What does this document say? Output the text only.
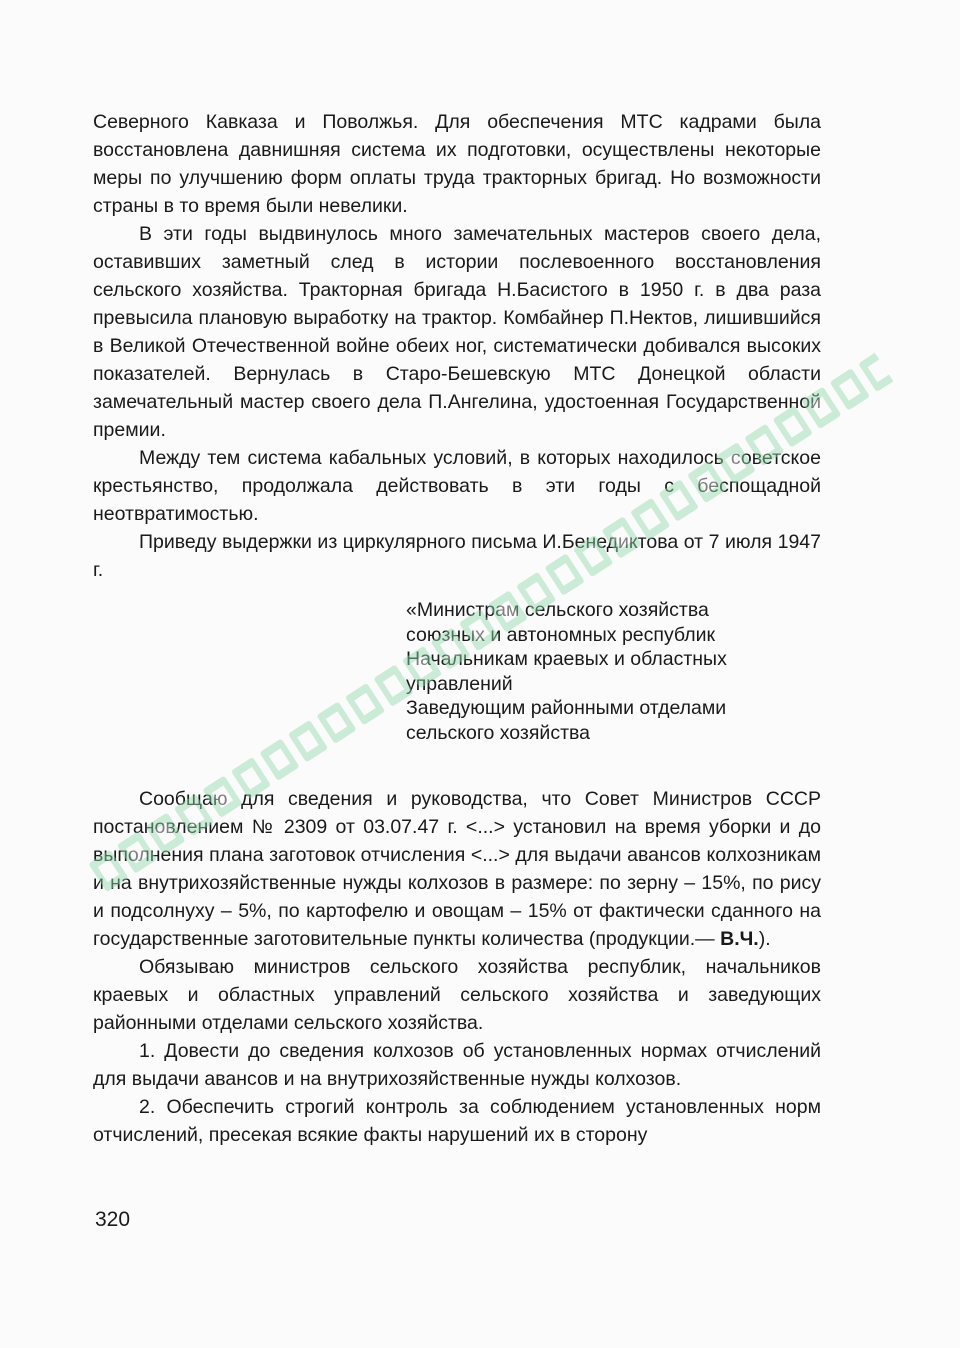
Северного Кавказа и Поволжья. Для обеспечения МТС кадрами была восстановлена давнишняя система их подготовки, осуществлены некоторые меры по улучшению форм оплаты труда тракторных бригад. Но возможности страны в то время были невелики.

В эти годы выдвинулось много замечательных мастеров своего дела, оставивших заметный след в истории послевоенного восстановления сельского хозяйства. Тракторная бригада Н.Басистого в 1950 г. в два раза превысила плановую выработку на трактор. Комбайнер П.Нектов, лишившийся в Великой Отечественной войне обеих ног, систематически добивался высоких показателей. Вернулась в Старо-Бешевскую МТС Донецкой области замечательный мастер своего дела П.Ангелина, удостоенная Государственной премии.

Между тем система кабальных условий, в которых находилось советское крестьянство, продолжала действовать в эти годы с беспощадной неотвратимостью.

Приведу выдержки из циркулярного письма И.Бенедиктова от 7 июля 1947 г.

«Министрам сельского хозяйства
союзных и автономных республик
Начальникам краевых и областных
управлений
Заведующим районными отделами
сельского хозяйства

Сообщаю для сведения и руководства, что Совет Министров СССР постановлением № 2309 от 03.07.47 г. <...> установил на время уборки и до выполнения плана заготовок отчисления <...> для выдачи авансов колхозникам и на внутрихозяйственные нужды колхозов в размере: по зерну – 15%, по рису и подсолнуху – 5%, по картофелю и овощам – 15% от фактически сданного на государственные заготовительные пункты количества (продукции.— В.Ч.).

Обязываю министров сельского хозяйства республик, начальников краевых и областных управлений сельского хозяйства и заведующих районными отделами сельского хозяйства.

1. Довести до сведения колхозов об установленных нормах отчислений для выдачи авансов и на внутрихозяйственные нужды колхозов.

2. Обеспечить строгий контроль за соблюдением установленных норм отчислений, пресекая всякие факты нарушений их в сторону

320
